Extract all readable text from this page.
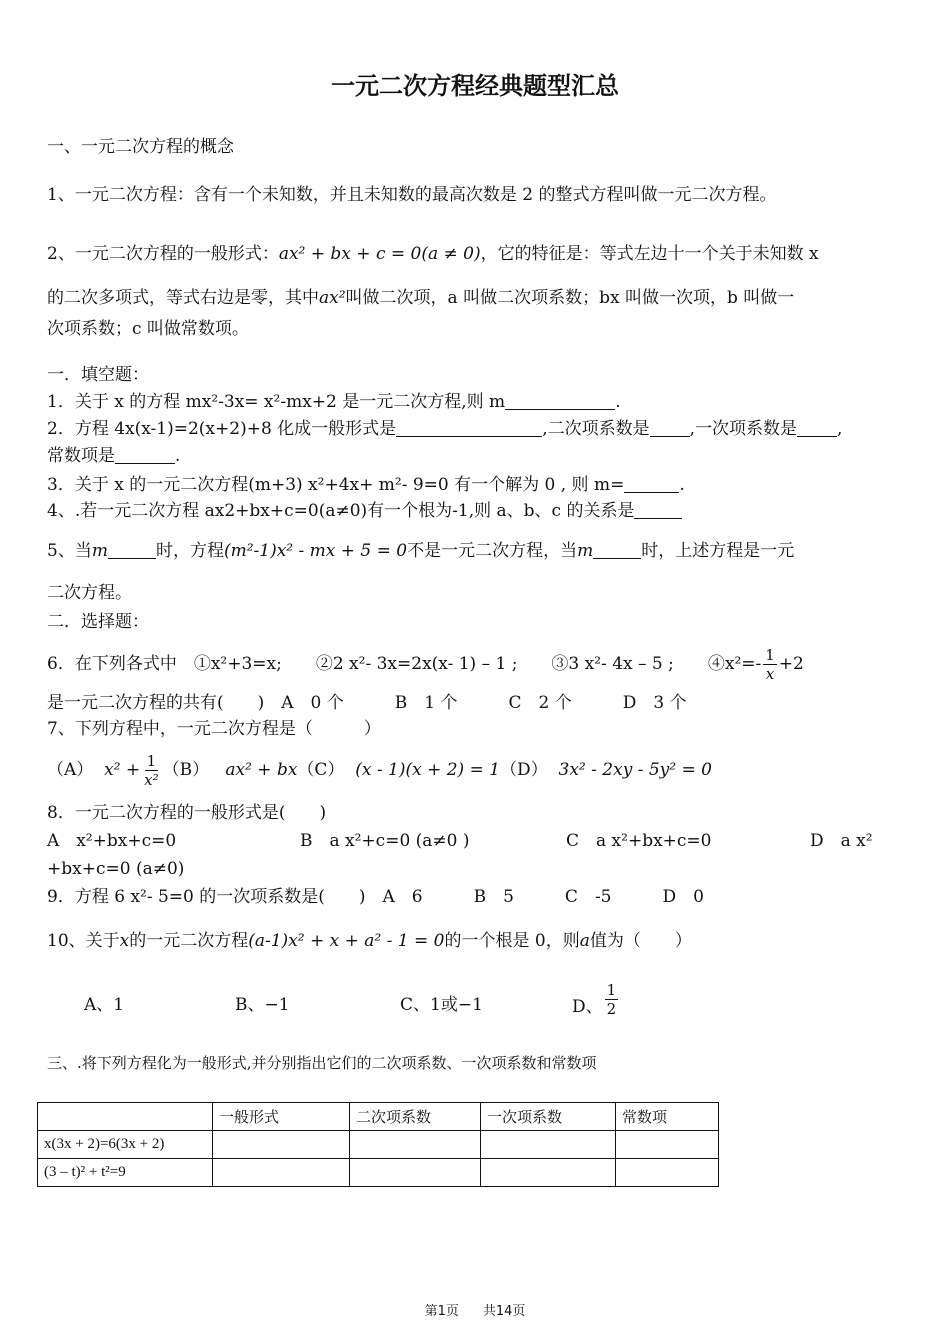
一元二次方程经典题型汇总
一、一元二次方程的概念
1、一元二次方程：含有一个未知数，并且未知数的最高次数是 2 的整式方程叫做一元二次方程。
2、一元二次方程的一般形式：ax² + bx + c = 0(a ≠ 0)，它的特征是：等式左边十一个关于未知数 x
的二次多项式，等式右边是零，其中ax²叫做二次项，a 叫做二次项系数；bx 叫做一次项，b 叫做一
次项系数；c 叫做常数项。
一．填空题：
1．关于 x 的方程 mx²-3x= x²-mx+2 是一元二次方程,则 m	.
2．方程 4x(x-1)=2(x+2)+8 化成一般形式是	,二次项系数是 ,一次项系数是 ,
常数项是	.
3．关于 x 的一元二次方程(m+3) x²+4x+ m²- 9=0 有一个解为 0 , 则 m=	.
4、.若一元二次方程 ax2+bx+c=0(a≠0)有一个根为-1,则 a、b、c 的关系是
5、当m	时，方程(m²-1)x² - mx + 5 = 0不是一元二次方程，当m	时，上述方程是一元
二次方程。
二．选择题：
6．在下列各式中　①x²+3=x;　　②2 x²- 3x=2x(x- 1) – 1 ;　　③3 x²- 4x – 5 ;　　④x²=- $\frac{1}{x} +2$
是一元二次方程的共有(　　)　A　0 个　　　B　1 个　　　C　2 个　　　D　3 个
7、下列方程中，一元二次方程是（　　　）
（A）
$x^2 + \frac{1}{\text{x²}} (B)$
ax² + bx （C）
(x - 1)(x + 2) = 1 （D）
3x² - 2xy - 5y² = 0
8．一元二次方程的一般形式是(　　)
A　x²+bx+c=0	B　a x²+c=0 (a≠0 )	C　a x²+bx+c=0	D　a x²
+bx+c=0 (a≠0)
9．方程 6 x²- 5=0 的一次项系数是(　　)　A　6　　　B　5　　　C　-5　　　D　0
10、关于x的一元二次方程(a-1)x² + x + a² - 1 = 0的一个根是 0，则a值为（　　）
A、1	B、−1	C、1或−1	D、 $\frac{1}{2}$
三、.将下列方程化为一般形式,并分别指出它们的二次项系数、一次项系数和常数项
	一般形式	二次项系数	一次项系数	常数项
x(3x + 2)=6(3x + 2)				
(3 – t)² + t²=9				
第1页 共14页
